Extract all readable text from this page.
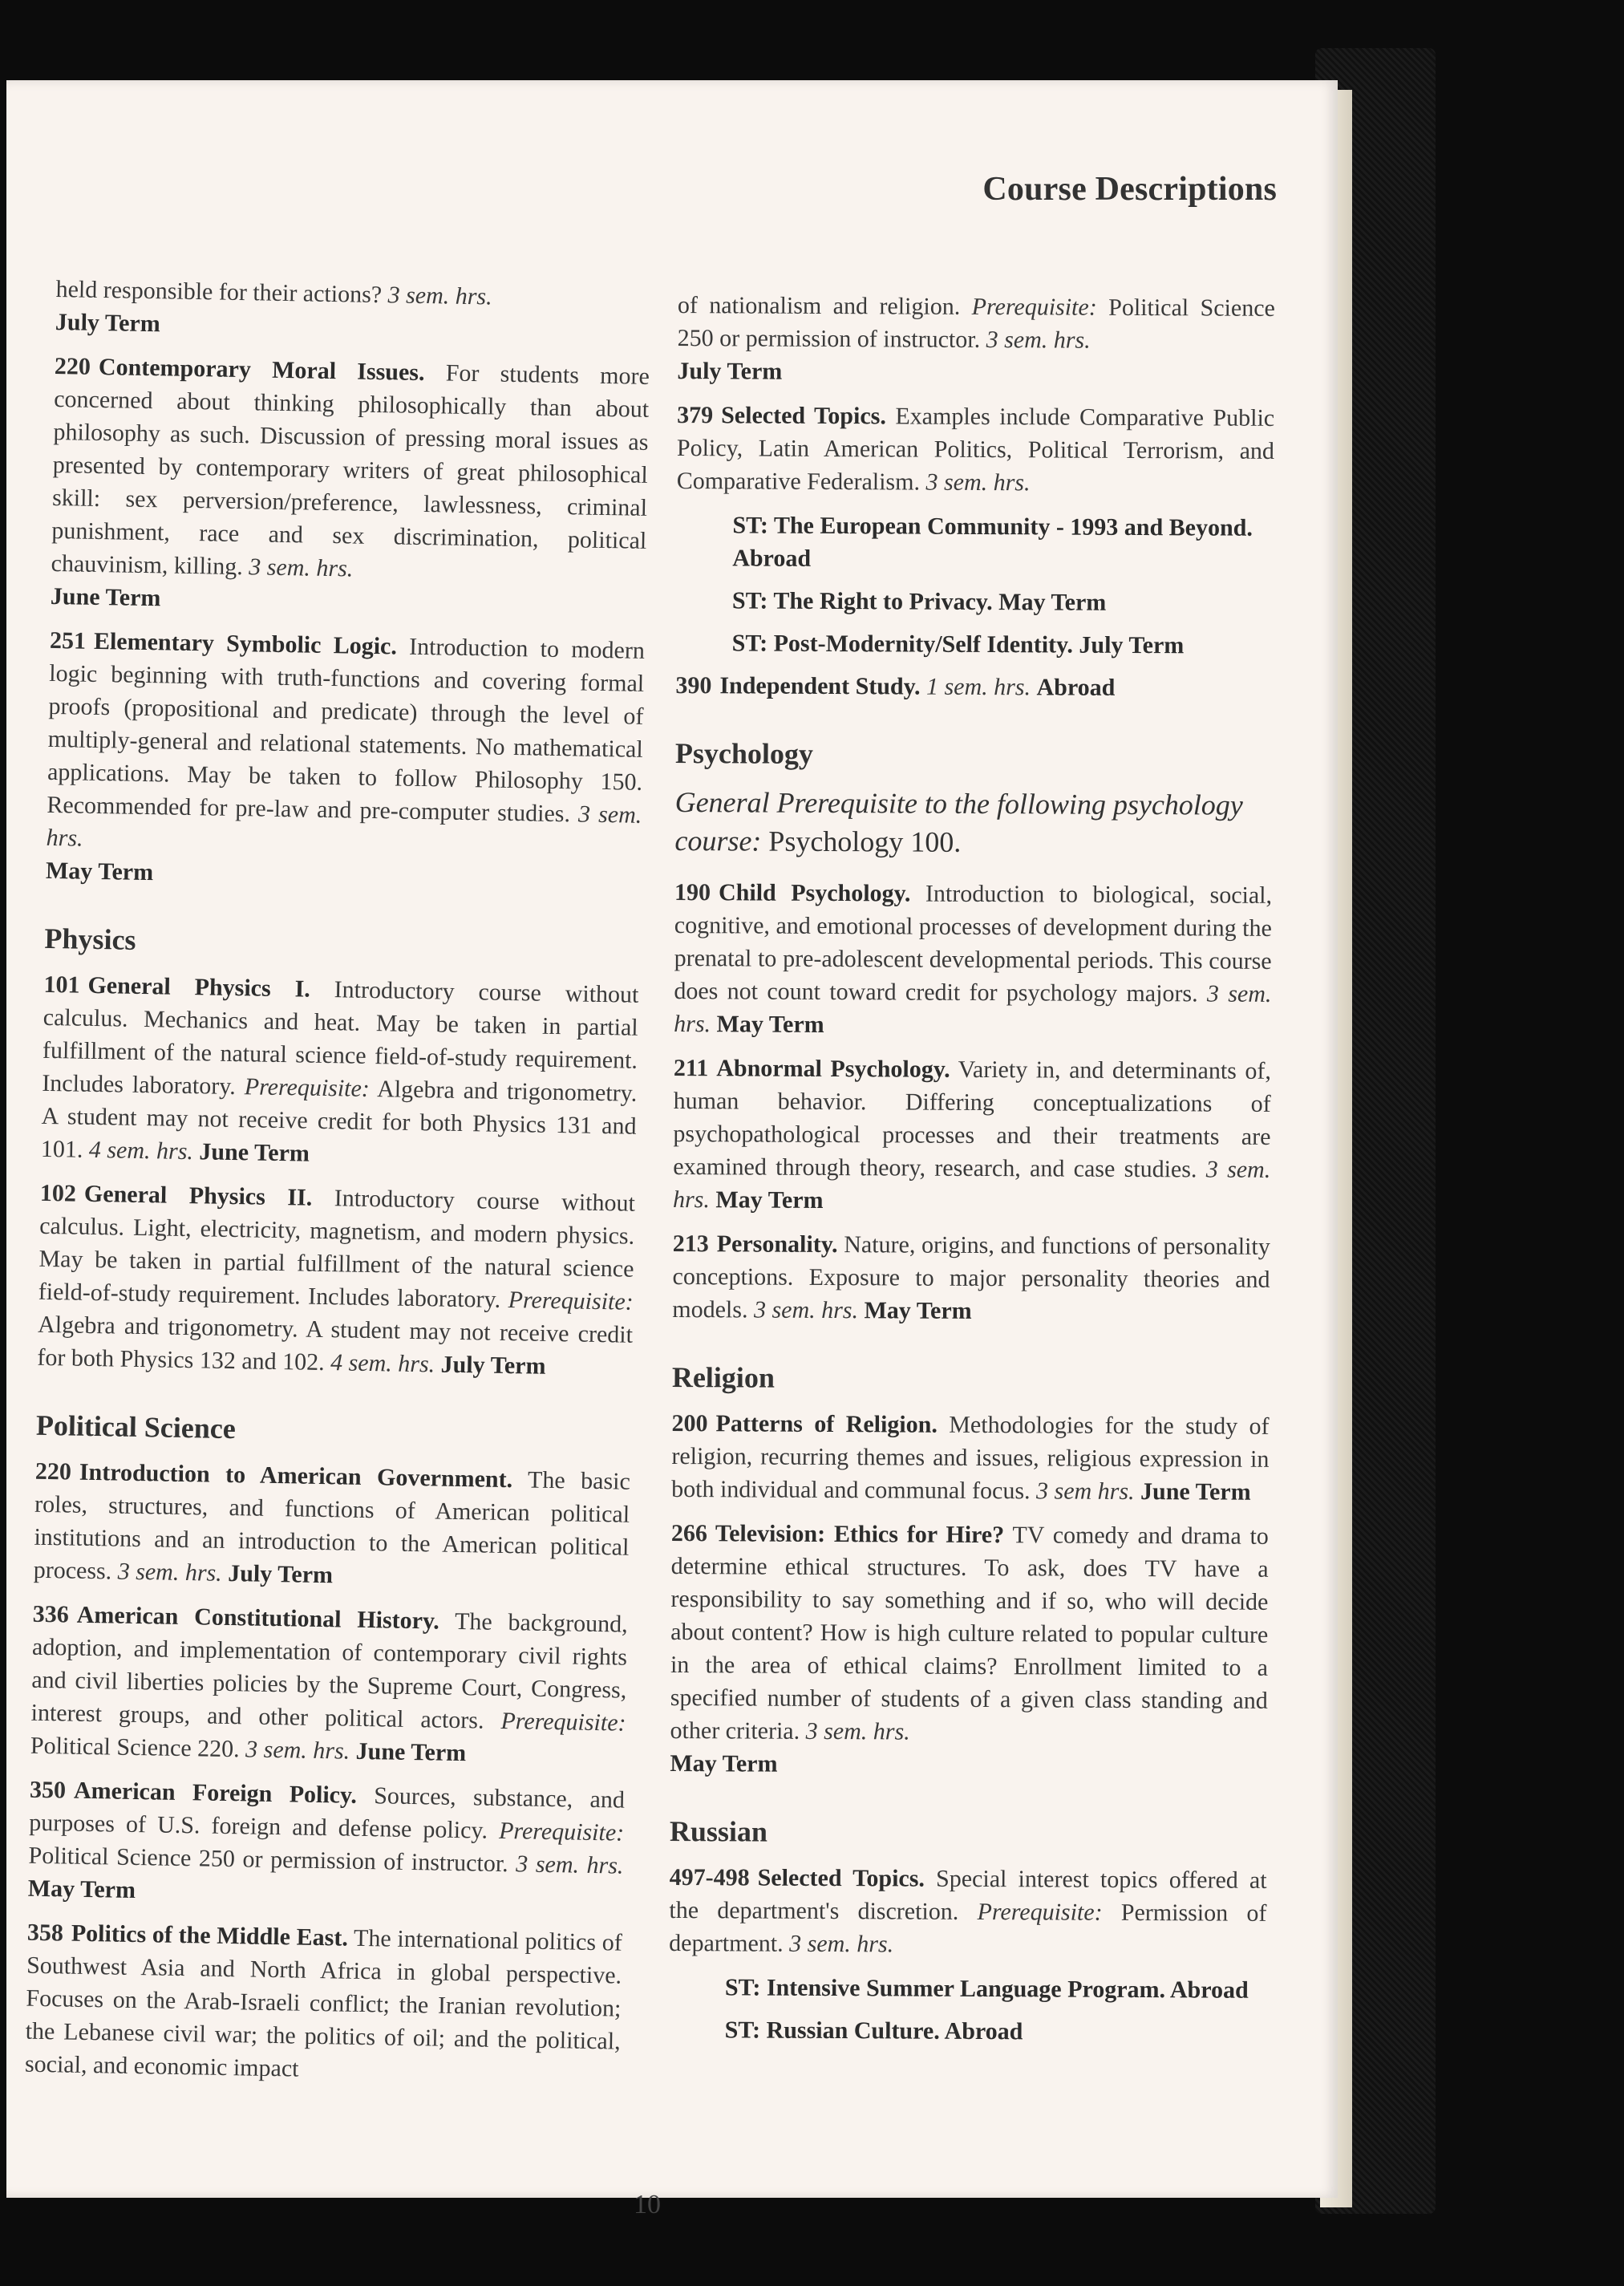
Course Descriptions

held responsible for their actions? 3 sem. hrs.
July Term

220 Contemporary Moral Issues. For students more concerned about thinking philosophically than about philosophy as such. Discussion of pressing moral issues as presented by contemporary writers of great philosophical skill: sex perversion/preference, lawlessness, criminal punishment, race and sex discrimination, political chauvinism, killing. 3 sem. hrs.
June Term

251 Elementary Symbolic Logic. Introduction to modern logic beginning with truth-functions and covering formal proofs (propositional and predicate) through the level of multiply-general and relational statements. No mathematical applications. May be taken to follow Philosophy 150. Recommended for pre-law and pre-computer studies. 3 sem. hrs.
May Term

Physics

101 General Physics I. Introductory course without calculus. Mechanics and heat. May be taken in partial fulfillment of the natural science field-of-study requirement. Includes laboratory. Prerequisite: Algebra and trigonometry. A student may not receive credit for both Physics 131 and 101. 4 sem. hrs. June Term

102 General Physics II. Introductory course without calculus. Light, electricity, magnetism, and modern physics. May be taken in partial fulfillment of the natural science field-of-study requirement. Includes laboratory. Prerequisite: Algebra and trigonometry. A student may not receive credit for both Physics 132 and 102. 4 sem. hrs. July Term

Political Science

220 Introduction to American Government. The basic roles, structures, and functions of American political institutions and an introduction to the American political process. 3 sem. hrs. July Term

336 American Constitutional History. The background, adoption, and implementation of contemporary civil rights and civil liberties policies by the Supreme Court, Congress, interest groups, and other political actors. Prerequisite: Political Science 220. 3 sem. hrs. June Term

350 American Foreign Policy. Sources, substance, and purposes of U.S. foreign and defense policy. Prerequisite: Political Science 250 or permission of instructor. 3 sem. hrs. May Term

358 Politics of the Middle East. The international politics of Southwest Asia and North Africa in global perspective. Focuses on the Arab-Israeli conflict; the Iranian revolution; the Lebanese civil war; the politics of oil; and the political, social, and economic impact

of nationalism and religion. Prerequisite: Political Science 250 or permission of instructor. 3 sem. hrs.
July Term

379 Selected Topics. Examples include Comparative Public Policy, Latin American Politics, Political Terrorism, and Comparative Federalism. 3 sem. hrs.

ST: The European Community - 1993 and Beyond. Abroad

ST: The Right to Privacy. May Term

ST: Post-Modernity/Self Identity. July Term

390 Independent Study. 1 sem. hrs. Abroad

Psychology

General Prerequisite to the following psychology course: Psychology 100.

190 Child Psychology. Introduction to biological, social, cognitive, and emotional processes of development during the prenatal to pre-adolescent developmental periods. This course does not count toward credit for psychology majors. 3 sem. hrs. May Term

211 Abnormal Psychology. Variety in, and determinants of, human behavior. Differing conceptualizations of psychopathological processes and their treatments are examined through theory, research, and case studies. 3 sem. hrs. May Term

213 Personality. Nature, origins, and functions of personality conceptions. Exposure to major personality theories and models. 3 sem. hrs. May Term

Religion

200 Patterns of Religion. Methodologies for the study of religion, recurring themes and issues, religious expression in both individual and communal focus. 3 sem hrs. June Term

266 Television: Ethics for Hire? TV comedy and drama to determine ethical structures. To ask, does TV have a responsibility to say something and if so, who will decide about content? How is high culture related to popular culture in the area of ethical claims? Enrollment limited to a specified number of students of a given class standing and other criteria. 3 sem. hrs.
May Term

Russian

497-498 Selected Topics. Special interest topics offered at the department's discretion. Prerequisite: Permission of department. 3 sem. hrs.

ST: Intensive Summer Language Program. Abroad

ST: Russian Culture. Abroad

10
